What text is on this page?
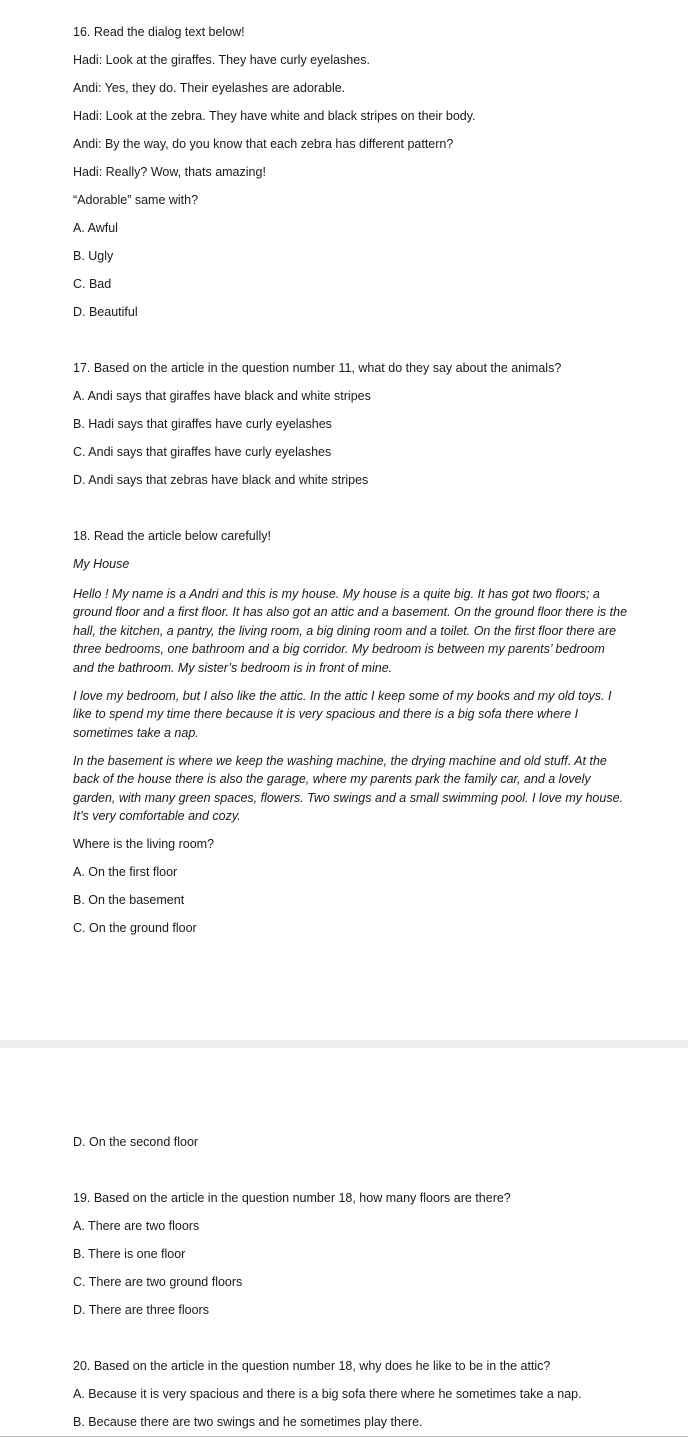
16. Read the dialog text below!
Hadi: Look at the giraffes. They have curly eyelashes.
Andi: Yes, they do. Their eyelashes are adorable.
Hadi: Look at the zebra. They have white and black stripes on their body.
Andi: By the way, do you know that each zebra has different pattern?
Hadi: Really? Wow, thats amazing!
“Adorable” same with?
A. Awful
B. Ugly
C. Bad
D. Beautiful
17. Based on the article in the question number 11, what do they say about the animals?
A. Andi says that giraffes have black and white stripes
B. Hadi says that giraffes have curly eyelashes
C. Andi says that giraffes have curly eyelashes
D. Andi says that zebras have black and white stripes
18. Read the article below carefully!
My House

Hello ! My name is a Andri and this is my house. My house is a quite big. It has got two floors; a ground floor and a first floor. It has also got an attic and a basement. On the ground floor there is the hall, the kitchen, a pantry, the living room, a big dining room and a toilet. On the first floor there are three bedrooms, one bathroom and a big corridor. My bedroom is between my parents’ bedroom and the bathroom. My sister’s bedroom is in front of mine.

I love my bedroom, but I also like the attic. In the attic I keep some of my books and my old toys. I like to spend my time there because it is very spacious and there is a big sofa there where I sometimes take a nap.

In the basement is where we keep the washing machine, the drying machine and old stuff. At the back of the house there is also the garage, where my parents park the family car, and a lovely garden, with many green spaces, flowers. Two swings and a small swimming pool. I love my house. It’s very comfortable and cozy.

Where is the living room?
A. On the first floor
B. On the basement
C. On the ground floor
D. On the second floor
19. Based on the article in the question number 18, how many floors are there?
A. There are two floors
B. There is one floor
C. There are two ground floors
D. There are three floors
20. Based on the article in the question number 18, why does he like to be in the attic?
A. Because it is very spacious and there is a big sofa there where he sometimes take a nap.
B. Because there are two swings and he sometimes play there.
